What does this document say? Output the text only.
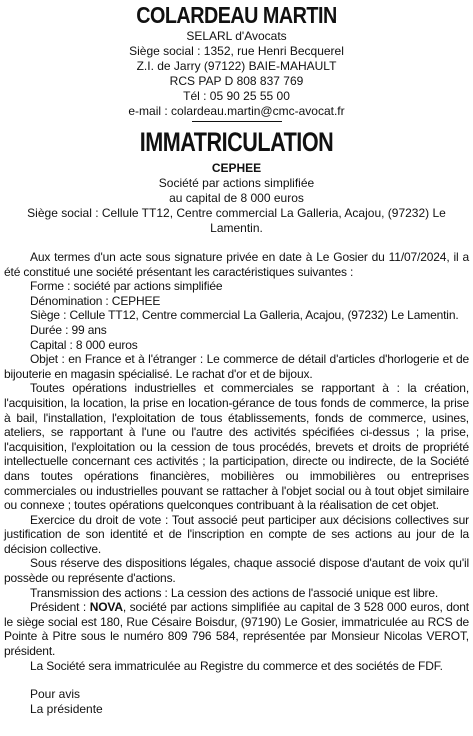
COLARDEAU MARTIN

SELARL d'Avocats

Siège social : 1352, rue Henri Becquerel

Z.I. de Jarry (97122) BAIE-MAHAULT

RCS PAP D 808 837 769

Tél : 05 90 25 55 00

e-mail : colardeau.martin@cmc-avocat.fr

IMMATRICULATION

CEPHEE

Société par actions simplifiée

au capital de 8 000 euros

Siège social : Cellule TT12, Centre commercial La Galleria, Acajou, (97232) Le Lamentin.

Aux termes d'un acte sous signature privée en date à Le Gosier du 11/07/2024, il a été constitué une société présentant les caractéristiques suivantes :

Forme : société par actions simplifiée

Dénomination : CEPHEE

Siège : Cellule TT12, Centre commercial La Galleria, Acajou, (97232) Le Lamentin.

Durée : 99 ans

Capital : 8 000 euros

Objet : en France et à l'étranger : Le commerce de détail d'articles d'horlogerie et de bijouterie en magasin spécialisé. Le rachat d'or et de bijoux.

Toutes opérations industrielles et commerciales se rapportant à : la création, l'acquisition, la location, la prise en location-gérance de tous fonds de commerce, la prise à bail, l'installation, l'exploitation de tous établissements, fonds de commerce, usines, ateliers, se rapportant à l'une ou l'autre des activités spécifiées ci-dessus ; la prise, l'acquisition, l'exploitation ou la cession de tous procédés, brevets et droits de propriété intellectuelle concernant ces activités ; la participation, directe ou indirecte, de la Société dans toutes opérations financières, mobilières ou immobilières ou entreprises commerciales ou industrielles pouvant se rattacher à l'objet social ou à tout objet similaire ou connexe ; toutes opérations quelconques contribuant à la réalisation de cet objet.

Exercice du droit de vote : Tout associé peut participer aux décisions collectives sur justification de son identité et de l'inscription en compte de ses actions au jour de la décision collective.

Sous réserve des dispositions légales, chaque associé dispose d'autant de voix qu'il possède ou représente d'actions.

Transmission des actions : La cession des actions de l'associé unique est libre.

Président : NOVA, société par actions simplifiée au capital de 3 528 000 euros, dont le siège social est 180, Rue Césaire Boisdur, (97190) Le Gosier, immatriculée au RCS de Pointe à Pitre sous le numéro 809 796 584, représentée par Monsieur Nicolas VEROT, président.

La Société sera immatriculée au Registre du commerce et des sociétés de FDF.

Pour avis

La présidente
